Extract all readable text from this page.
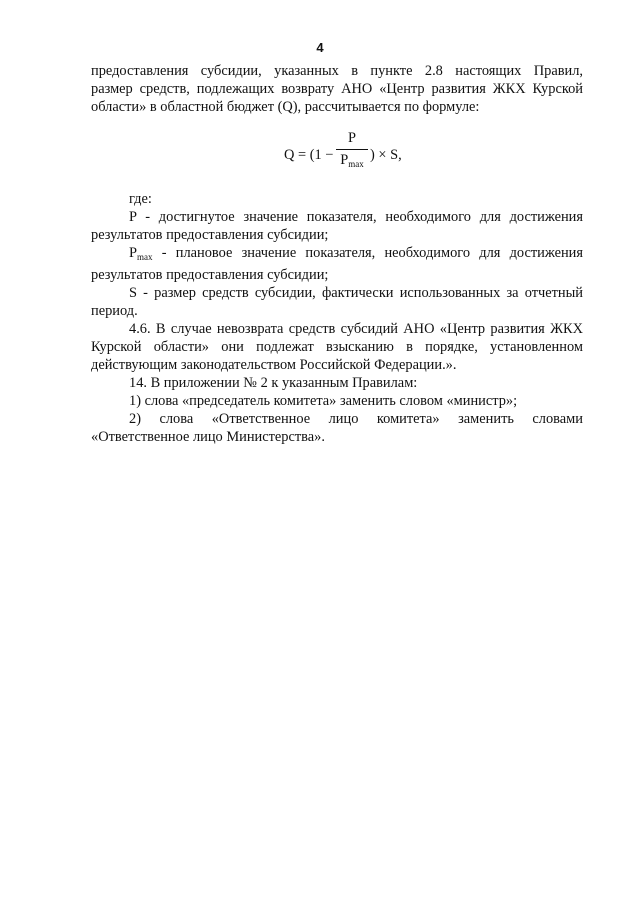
4

предоставления субсидии, указанных в пункте 2.8 настоящих Правил,

размер средств, подлежащих возврату АНО «Центр развития ЖКХ Курской

области» в областной бюджет (Q), рассчитывается по формуле:

Q = (1 −
P
$P_{max}$
) × S,

где:

P - достигнутое значение показателя, необходимого для достижения результатов предоставления субсидии;

$P_{max}$ - плановое значение показателя, необходимого для достижения результатов предоставления субсидии;

S - размер средств субсидии, фактически использованных за отчетный период.

4.6. В случае невозврата средств субсидий АНО «Центр развития ЖКХ Курской области» они подлежат взысканию в порядке, установленном действующим законодательством Российской Федерации.».

14. В приложении № 2 к указанным Правилам:

1) слова «председатель комитета» заменить словом «министр»;

2) слова «Ответственное лицо комитета» заменить словами «Ответственное лицо Министерства».
